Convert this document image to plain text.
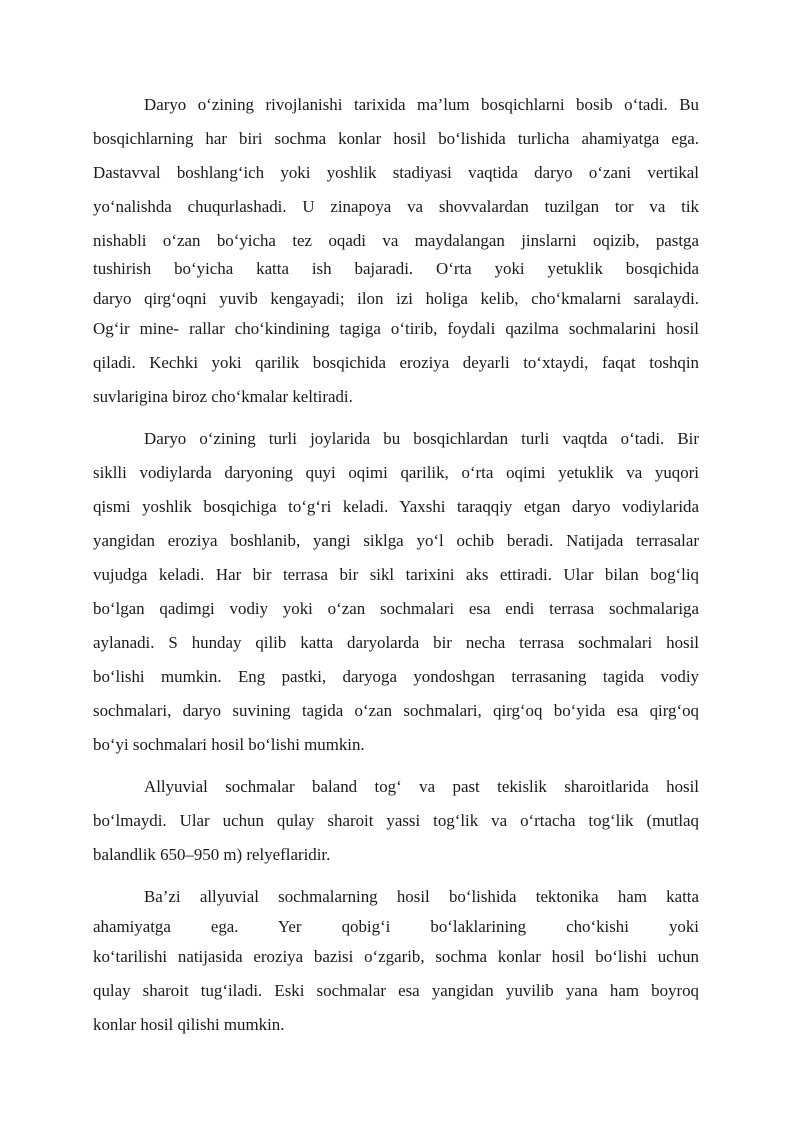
Daryo o‘zining rivojlanishi tarixida ma’lum bosqichlarni bosib o‘tadi. Bu
bosqichlarning har biri sochma konlar hosil bo‘lishida turlicha ahamiyatga ega.
Dastavval boshlang‘ich yoki yoshlik stadiyasi vaqtida daryo o‘zani vertikal
yo‘nalishda chuqurlashadi. U zinapoya va shovvalardan tuzilgan tor va tik
nishabli o‘zan bo‘yicha tez oqadi va maydalangan jinslarni oqizib, pastga
tushirish bo‘yicha katta ish bajaradi. O‘rta yoki yetuklik bosqichida
daryo qirg‘oqni yuvib kengayadi; ilon izi holiga kelib, cho‘kmalarni saralaydi.
Og‘ir mine- rallar cho‘kindining tagiga o‘tirib, foydali qazilma sochmalarini hosil
qiladi. Kechki yoki qarilik bosqichida eroziya deyarli to‘xtaydi, faqat toshqin
suvlarigina biroz cho‘kmalar keltiradi.
Daryo o‘zining turli joylarida bu bosqichlardan turli vaqtda o‘tadi. Bir
siklli vodiylarda daryoning quyi oqimi qarilik, o‘rta oqimi yetuklik va yuqori
qismi yoshlik bosqichiga to‘g‘ri keladi. Yaxshi taraqqiy etgan daryo vodiylarida
yangidan eroziya boshlanib, yangi siklga yo‘l ochib beradi. Natijada terrasalar
vujudga keladi. Har bir terrasa bir sikl tarixini aks ettiradi. Ular bilan bog‘liq
bo‘lgan qadimgi vodiy yoki o‘zan sochmalari esa endi terrasa sochmalariga
aylanadi. S hunday qilib katta daryolarda bir necha terrasa sochmalari hosil
bo‘lishi mumkin. Eng pastki, daryoga yondoshgan terrasaning tagida vodiy
sochmalari, daryo suvining tagida o‘zan sochmalari, qirg‘oq bo‘yida esa qirg‘oq
bo‘yi sochmalari hosil bo‘lishi mumkin.
Allyuvial sochmalar baland tog‘ va past tekislik sharoitlarida hosil
bo‘lmaydi. Ular uchun qulay sharoit yassi tog‘lik va o‘rtacha tog‘lik (mutlaq
balandlik 650–950 m) relyeflaridir.
Ba’zi allyuvial sochmalarning hosil bo‘lishida tektonika ham katta
ahamiyatga ega. Yer qobig‘i bo‘laklarining cho‘kishi yoki
ko‘tarilishi natijasida eroziya bazisi o‘zgarib, sochma konlar hosil bo‘lishi uchun
qulay sharoit tug‘iladi. Eski sochmalar esa yangidan yuvilib yana ham boyroq
konlar hosil qilishi mumkin.
